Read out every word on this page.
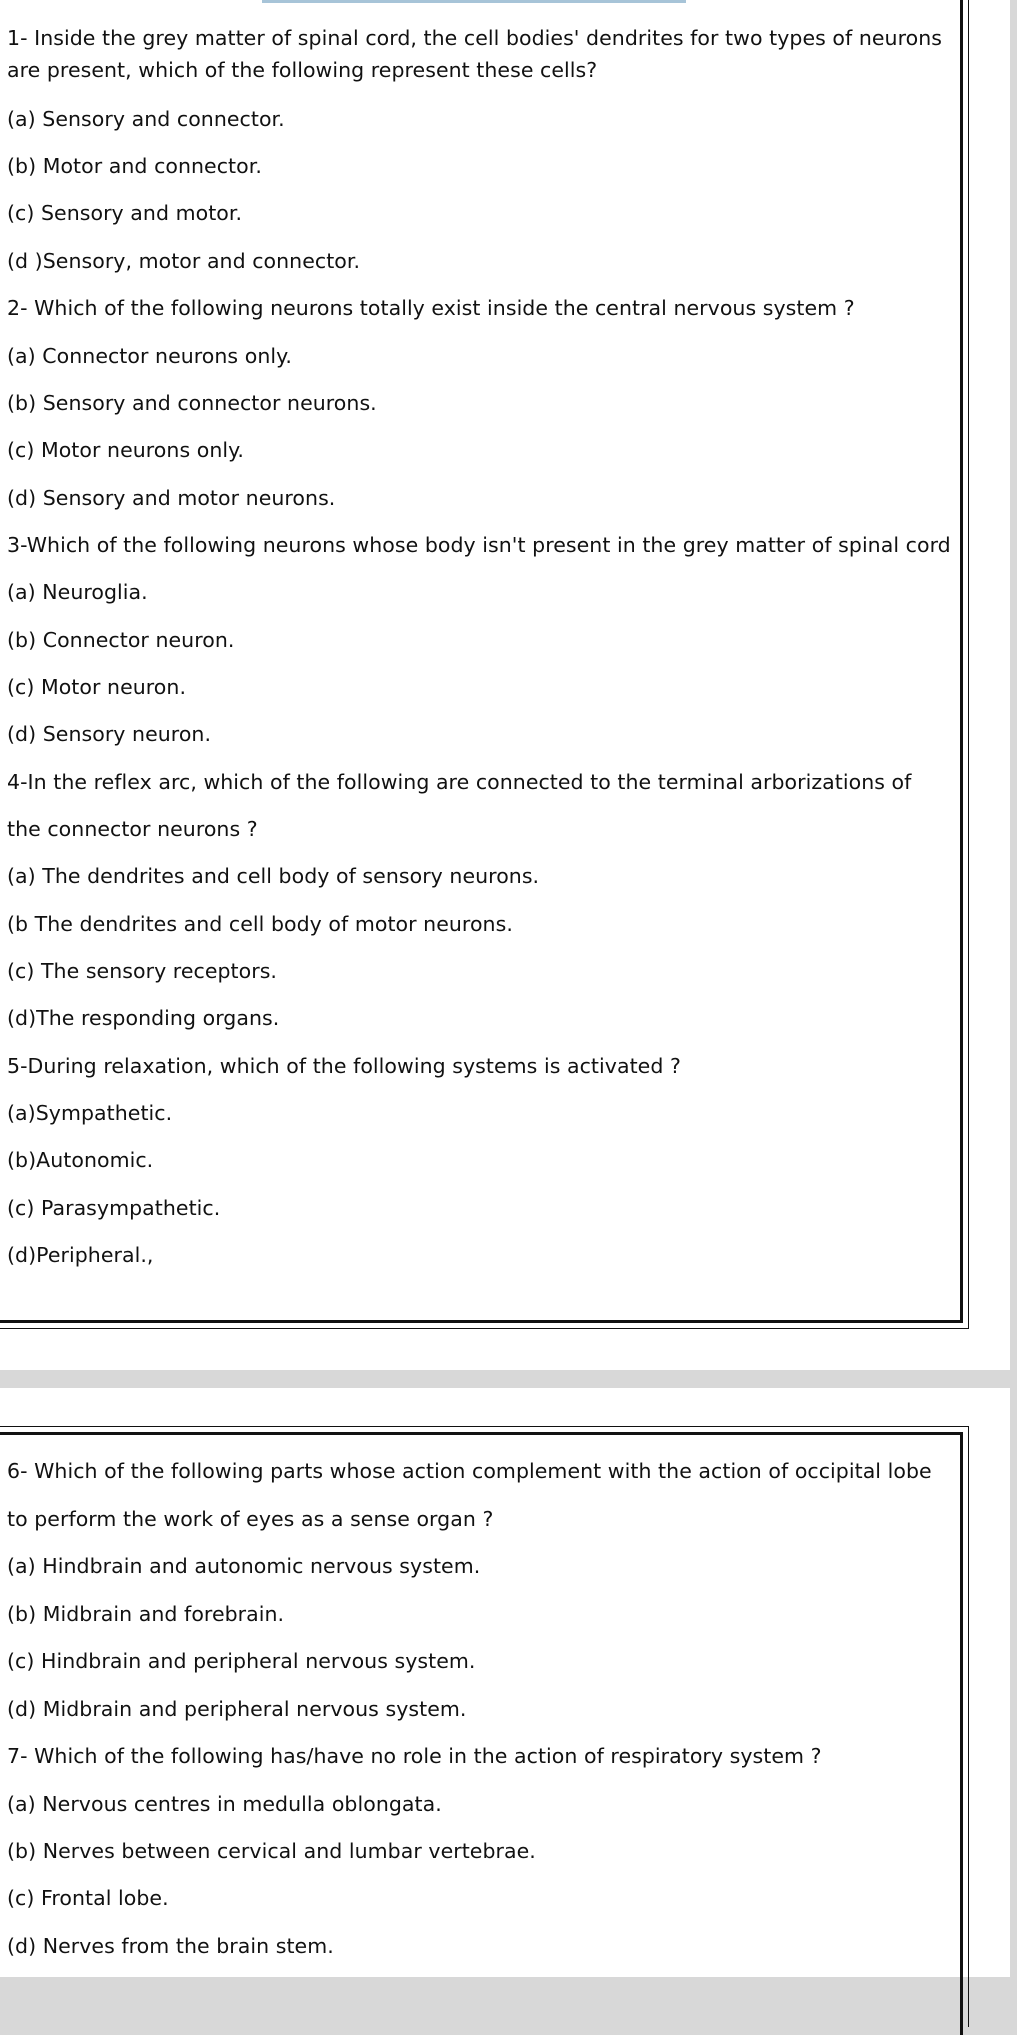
1- Inside the grey matter of spinal cord, the cell bodies' dendrites for two types of neurons

are present, which of the following represent these cells?

(a) Sensory and connector.

(b) Motor and connector.

(c) Sensory and motor.

(d )Sensory, motor and connector.

2- Which of the following neurons totally exist inside the central nervous system ?

(a) Connector neurons only.

(b) Sensory and connector neurons.

(c) Motor neurons only.

(d) Sensory and motor neurons.

3-Which of the following neurons whose body isn't present in the grey matter of spinal cord

(a) Neuroglia.

(b) Connector neuron.

(c) Motor neuron.

(d) Sensory neuron.

4-In the reflex arc, which of the following are connected to the terminal arborizations of

the connector neurons ?

(a) The dendrites and cell body of sensory neurons.

(b The dendrites and cell body of motor neurons.

(c) The sensory receptors.

(d)The responding organs.

5-During relaxation, which of the following systems is activated ?

(a)Sympathetic.

(b)Autonomic.

(c) Parasympathetic.

(d)Peripheral.,

6- Which of the following parts whose action complement with the action of occipital lobe

to perform the work of eyes as a sense organ ?

(a) Hindbrain and autonomic nervous system.

(b) Midbrain and forebrain.

(c) Hindbrain and peripheral nervous system.

(d) Midbrain and peripheral nervous system.

7- Which of the following has/have no role in the action of respiratory system ?

(a) Nervous centres in medulla oblongata.

(b) Nerves between cervical and lumbar vertebrae.

(c) Frontal lobe.

(d) Nerves from the brain stem.
